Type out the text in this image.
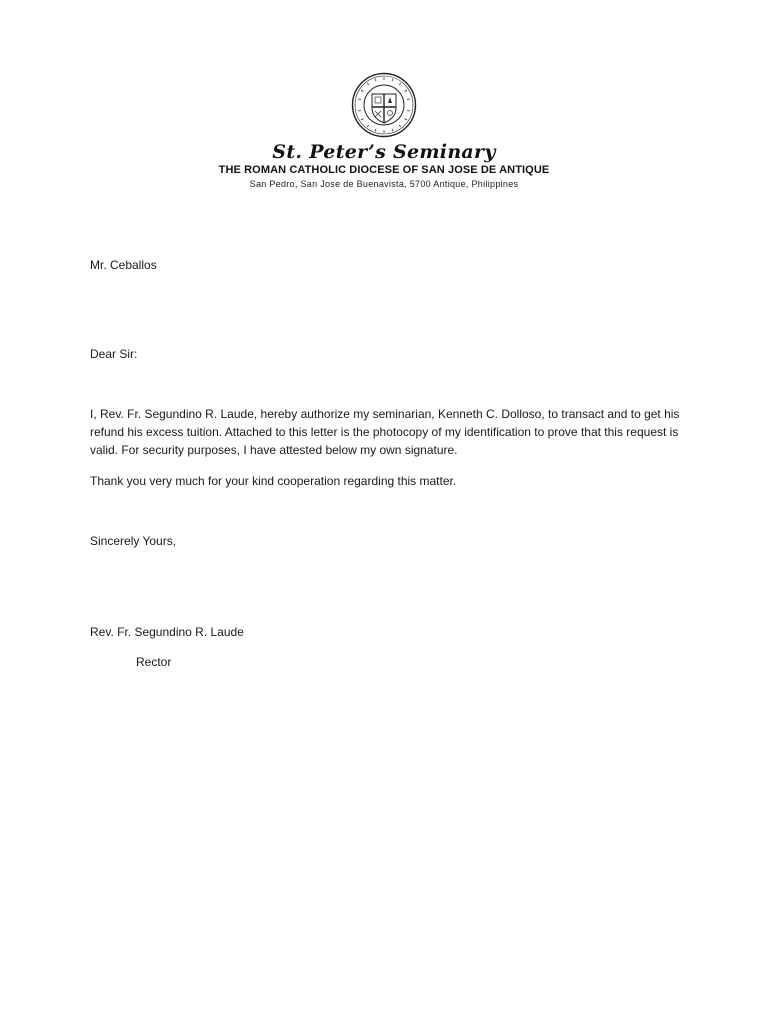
St. Peter’s Seminary
THE ROMAN CATHOLIC DIOCESE OF SAN JOSE DE ANTIQUE
San Pedro, San Jose de Buenavista, 5700 Antique, Philippines

Mr. Ceballos

Dear Sir:

I, Rev. Fr. Segundino R. Laude, hereby authorize my seminarian, Kenneth C. Dolloso, to transact and to get his refund his excess tuition. Attached to this letter is the photocopy of my identification to prove that this request is valid. For security purposes, I have attested below my own signature.

Thank you very much for your kind cooperation regarding this matter.

Sincerely Yours,

Rev. Fr. Segundino R. Laude

Rector
